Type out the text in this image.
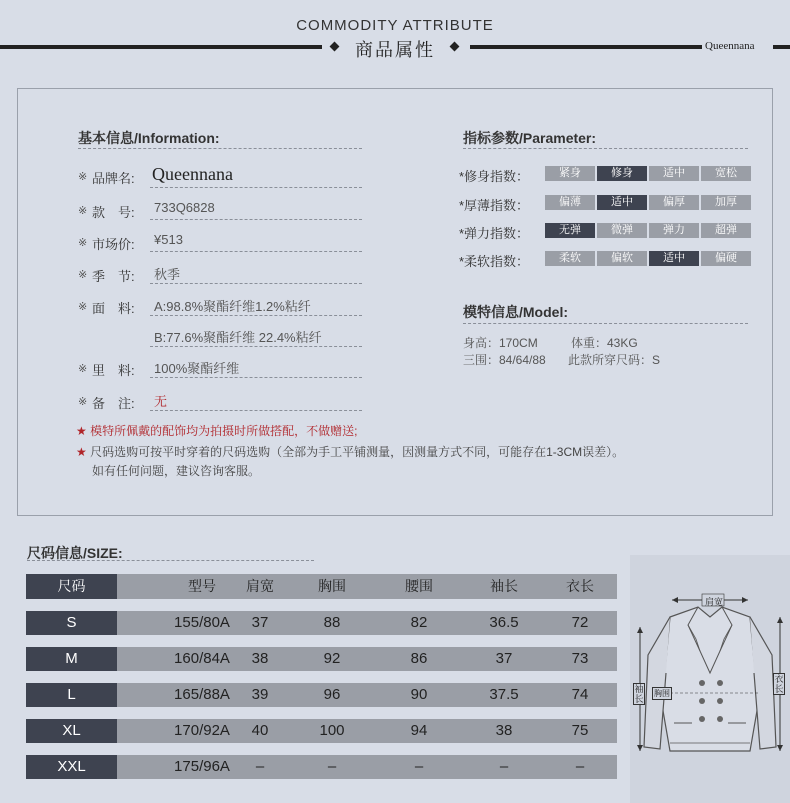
COMMODITY ATTRIBUTE
商品属性	Queennana
基本信息/Information:
※ 品牌名: Queennana
※ 款　号: 733Q6828
※ 市场价: ¥513
※ 季　节: 秋季
※ 面　料: A:98.8%聚酯纤维1.2%粘纤
B:77.6%聚酯纤维 22.4%粘纤
※ 里　料: 100%聚酯纤维
※ 备　注: 无
指标参数/Parameter:
*修身指数：	紧身	修身	适中	宽松
*厚薄指数：	偏薄	适中	偏厚	加厚
*弹力指数：	无弹	微弹	弹力	超弹
*柔软指数：	柔软	偏软	适中	偏硬
模特信息/Model:
身高：170CM	体重：43KG
三围：84/64/88 此款所穿尺码：S
★ 模特所佩戴的配饰均为拍摄时所做搭配，不做赠送;
★ 尺码选购可按平时穿着的尺码选购（全部为手工平铺测量，因测量方式不同，可能存在1-3CM误差）。
如有任何问题，建议咨询客服。
尺码信息/SIZE:
尺码	型号	肩宽	胸围	腰围	袖长	衣长
S	155/80A	37	88	82	36.5	72
M	160/84A	38	92	86	37	73
L	165/88A	39	96	90	37.5	74
XL	170/92A	40	100	94	38	75
XXL	175/96A	–	–	–	–	–
肩宽
袖长
衣长
胸围
